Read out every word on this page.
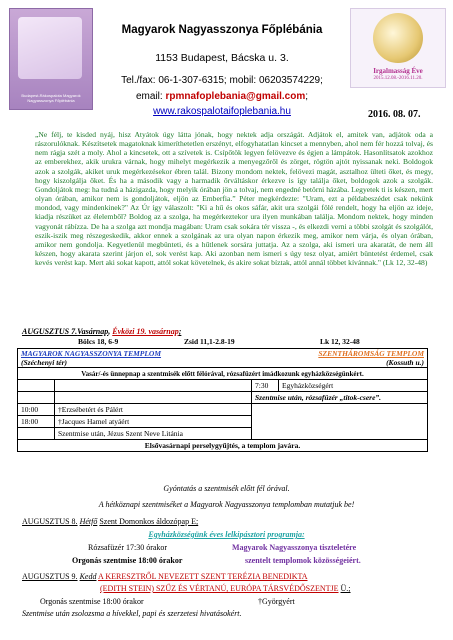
Budapest-Rákospalota Magyarok Nagyasszonya Főplébánia
Irgalmasság Éve
2015.12.08.-2016.11.20.
Magyarok Nagyasszonya Főplébánia
1153 Budapest, Bácska u. 3.
Tel./fax: 06-1-307-6315; mobil: 06203574229;
email: rpmnafoplebania@gmail.com;
www.rakospalotaifoplebania.hu	2016. 08. 07.
„Ne félj, te kisded nyáj, hisz Atyátok úgy látta jónak, hogy nektek adja országát. Adjátok el, amitek van, adjátok oda a rászorulóknak. Készítsetek magatoknak kimeríthetetlen erszényt, elfogyhatatlan kincset a mennyben, ahol nem fér hozzá tolvaj, és nem rágja szét a moly. Ahol a kincsetek, ott a szívetek is. Csípőtök legyen felövezve és égjen a lámpátok. Hasonlítsatok azokhoz az emberekhez, akik urukra várnak, hogy mihelyt megérkezik a menyegzőről és zörget, rögtön ajtót nyissanak neki. Boldogok azok a szolgák, akiket uruk megérkezésekor ébren talál. Bizony mondom nektek, felövezi magát, asztalhoz ülteti őket, és megy, hogy kiszolgálja őket. És ha a második vagy a harmadik őrváltáskor érkezve is így találja őket, boldogok azok a szolgák. Gondoljátok meg: ha tudná a házigazda, hogy melyik órában jön a tolvaj, nem engedné betörni házába. Legyetek ti is készen, mert olyan órában, amikor nem is gondoljátok, eljön az Emberfia.” Péter megkérdezte: "Uram, ezt a példabeszédet csak nekünk mondod, vagy mindenkinek?" Az Úr így válaszolt: "Ki a hű és okos sáfár, akit ura szolgái fölé rendelt, hogy ha eljön az ideje, kiadja részüket az élelemből? Boldog az a szolga, ha megérkeztekor ura ilyen munkában találja. Mondom nektek, hogy minden vagyonát rábízza. De ha a szolga azt mondja magában: Uram csak sokára tér vissza -, és elkezdi verni a többi szolgát és szolgálót, eszik-iszik meg részegeskedik, akkor ennek a szolgának az ura olyan napon érkezik meg, amikor nem várja, és olyan órában, amikor nem gondolja. Kegyetlenül megbünteti, és a hűtlenek sorsára juttatja. Az a szolga, aki ismeri ura akaratát, de nem áll készen, hogy akarata szerint járjon el, sok verést kap. Aki azonban nem ismeri s úgy tesz olyat, amiért büntetést érdemel, csak kevés verést kap. Mert aki sokat kapott, attól sokat követelnek, és akire sokat bíztak, attól annál többet kívánnak." (Lk 12, 32-48)
AUGUSZTUS 7.Vasárnap, Évközi 19. vasárnap;
Bölcs 18, 6-9	Zsid 11,1-2.8-19	Lk 12, 32-48
MAGYAROK NAGYASSZONYA TEMPLOM
(Széchenyi tér)		SZENTHÁROMSÁG TEMPLOM
(Kossuth u.)	
Vasár/-és ünnepnap a szentmisék előtt félórával, rózsafüzért imádkozunk egyházközségünkért.			
		7:30	Egyházközségért
		Szentmise után, rózsafüzér „titok-csere”.	
10:00	†Erzsébetért és Pálért		
18:00	†Jacques Hamel atyáért		
	Szentmise után, Jézus Szent Neve Litánia		
Elsővasárnapi perselygyűjtés, a templom javára.			
Gyóntatás a szentmisék előtt fél órával.
A hétköznapi szentmiséket a Magyarok Nagyasszonya templomban mutatjuk be!
AUGUSZTUS 8. Hétfő Szent Domonkos áldozópap E;
Egyházközségünk éves lelkipásztori programja:
Rózsafüzér 17:30 órakor
Orgonás szentmise 18:00 órakor
Magyarok Nagyasszonya tiszteletére
szentelt templomok közösségeiért.
AUGUSZTUS 9. Kedd A KERESZTRŐL NEVEZETT SZENT TERÉZIA BENEDIKTA
(EDITH STEIN) SZŰZ ÉS VÉRTANÚ, EURÓPA TÁRSVÉDŐSZENTJE Ü.;
Orgonás szentmise 18:00 órakor	†Györgyért
Szentmise után zsolozsma a hívekkel, papi és szerzetesi hivatásokért.
